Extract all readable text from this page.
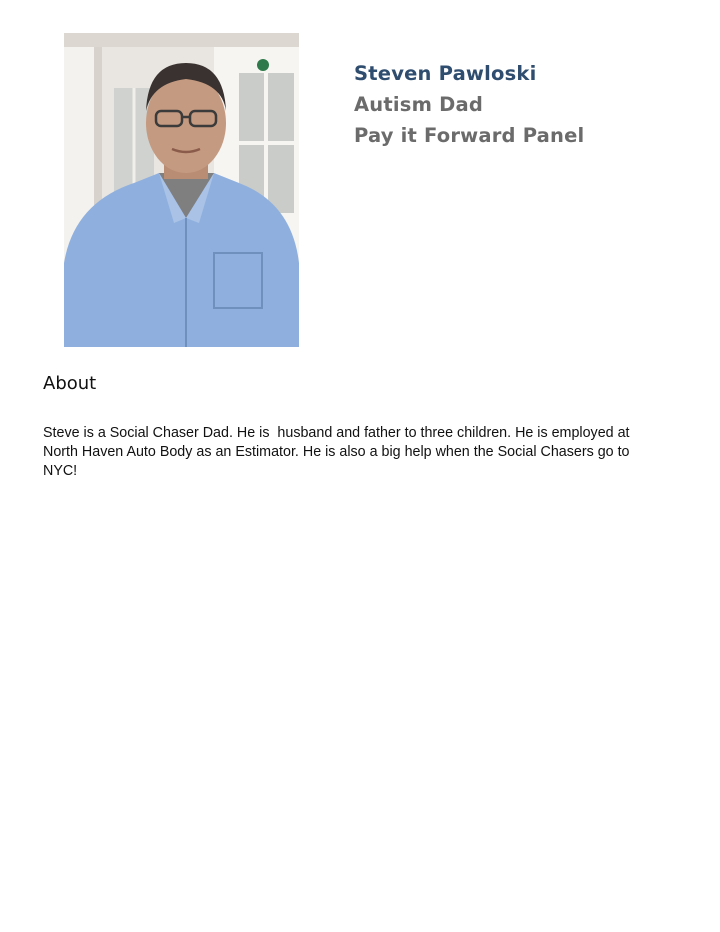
Steven Pawloski
Autism Dad
Pay it Forward Panel
About

Steve is a Social Chaser Dad. He is  husband and father to three children. He is employed at North Haven Auto Body as an Estimator. He is also a big help when the Social Chasers go to NYC!
